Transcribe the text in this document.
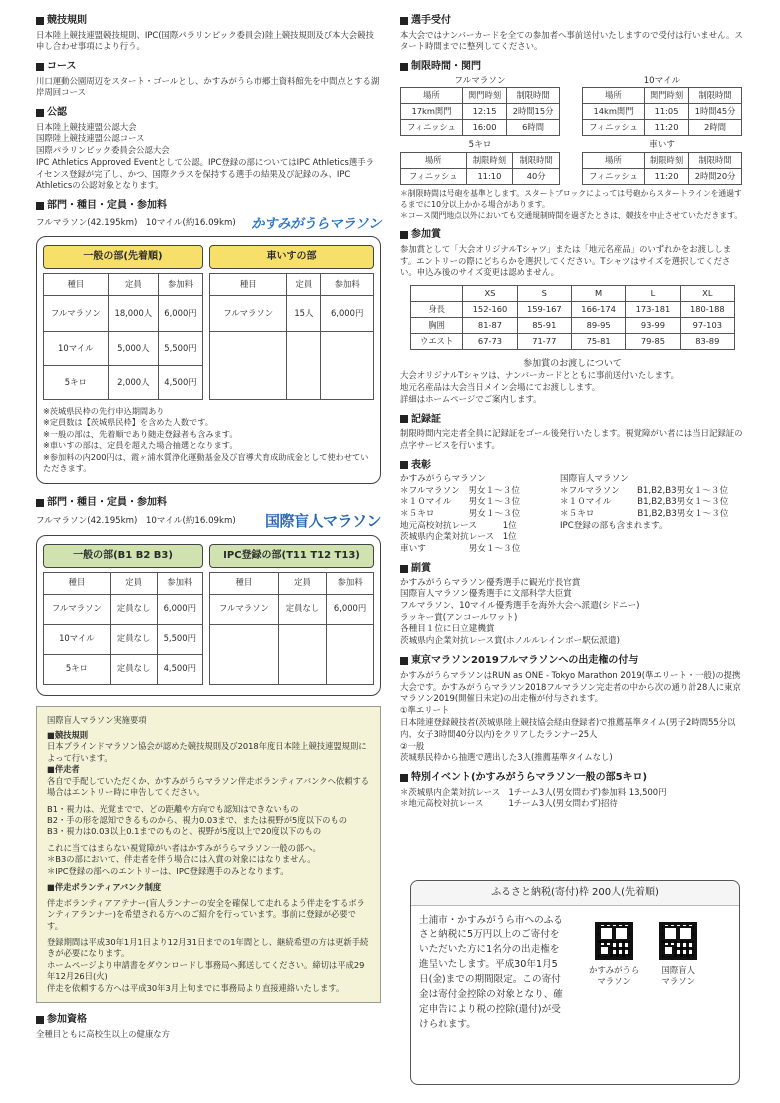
競技規則

日本陸上競技連盟競技規則、IPC(国際パラリンピック委員会)陸上競技規則及び本大会競技申し合わせ事項により行う。

コース

川口運動公園周辺をスタート・ゴールとし、かすみがうら市郷土資料館先を中間点とする湖岸周回コース

公認

日本陸上競技連盟公認大会

国際陸上競技連盟公認コース

国際パラリンピック委員会公認大会

IPC Athletics Approved Eventとして公認。IPC登録の部についてはIPC Athletics選手ライセンス登録が完了し、かつ、国際クラスを保持する選手の結果及び記録のみ、IPC Athleticsの公認対象となります。

部門・種目・定員・参加料
フルマラソン(42.195km)　10マイル(約16.09km) かすみがうらマラソン
一般の部(先着順)	車いすの部
種目	定員	参加料
フルマラソン	18,000人	6,000円
10マイル	5,000人	5,500円
5キロ	2,000人	4,500円
種目	定員	参加料
フルマラソン	15人	6,000円

※茨城県民枠の先行申込期間あり

※定員数は【茨城県民枠】を含めた人数です。

※一般の部は、先着順であり随走登録者も含みます。

※車いすの部は、定員を超えた場合抽選となります。

※参加料の内200円は、霞ヶ浦水質浄化運動基金及び盲導犬育成助成金として使わせていただきます。

部門・種目・定員・参加料
フルマラソン(42.195km)　10マイル(約16.09km) 国際盲人マラソン
一般の部(B1 B2 B3)	IPC登録の部(T11 T12 T13)
種目	定員	参加料
フルマラソン	定員なし	6,000円
10マイル	定員なし	5,500円
5キロ	定員なし	4,500円
種目	定員	参加料
フルマラソン	定員なし	6,000円

国際盲人マラソン実施要項

■競技規則

日本ブラインドマラソン協会が認めた競技規則及び2018年度日本陸上競技連盟規則によって行います。

■伴走者

各自で手配していただくか、かすみがうらマラソン伴走ボランティアバンクへ依頼する場合はエントリー時に申告してください。

B1・視力は、光覚までで、どの距離や方向でも認知はできないもの

B2・手の形を認知できるものから、視力0.03まで、または視野が5度以下のもの

B3・視力は0.03以上0.1までのものと、視野が5度以上で20度以下のもの

これに当てはまらない視覚障がい者はかすみがうらマラソン一般の部へ。

＊B3の部において、伴走者を伴う場合には入賞の対象にはなりません。

＊IPC登録の部へのエントリーは、IPC登録選手のみとなります。

■伴走ボランティアバンク制度

伴走ボランティアアテナー(盲人ランナーの安全を確保して走れるよう伴走をするボランティアランナー)を希望される方へのご紹介を行っています。事前に登録が必要です。

登録期間は平成30年1月1日より12月31日までの1年間とし、継続希望の方は更新手続きが必要になります。

ホームページより申請書をダウンロードし事務局へ郵送してください。締切は平成29年12月26日(火)

伴走を依頼する方へは平成30年3月上旬までに事務局より直接連絡いたします。

参加資格

全種目ともに高校生以上の健康な方

選手受付

本大会ではナンバーカードを全ての参加者へ事前送付いたしますので受付は行いません。スタート時間までに整列してください。

制限時間・関門
フルマラソン
場所	関門時刻	制限時間
17km関門	12:15	2時間15分
フィニッシュ	16:00	6時間
10マイル
場所	関門時刻	制限時間
14km関門	11:05	1時間45分
フィニッシュ	11:20	2時間
5キロ
場所	制限時刻	制限時間
フィニッシュ	11:10	40分
車いす
場所	制限時刻	制限時間
フィニッシュ	11:20	2時間20分

＊制限時間は号砲を基準とします。スタートブロックによっては号砲からスタートラインを通過するまでに10分以上かかる場合があります。

＊コース関門地点以外においても交通規制時間を過ぎたときは、競技を中止させていただきます。

参加賞

参加賞として「大会オリジナルTシャツ」または「地元名産品」のいずれかをお渡しします。エントリーの際にどちらかを選択してください。Tシャツはサイズを選択してください。申込み後のサイズ変更は認めません。

	XS	S	M	L	XL
身長	152-160	159-167	166-174	173-181	180-188
胸囲	81-87	85-91	89-95	93-99	97-103
ウエスト	67-73	71-77	75-81	79-85	83-89

参加賞のお渡しについて

大会オリジナルTシャツは、ナンバーカードとともに事前送付いたします。

地元名産品は大会当日メイン会場にてお渡しします。

詳細はホームページでご案内します。

記録証

制限時間内完走者全員に記録証をゴール後発行いたします。視覚障がい者には当日記録証の点字サービスを行います。

表彰

かすみがうらマラソン

＊フルマラソン　男女１～３位

＊１０マイル　　男女１～３位

＊５キロ　　　　男女１～３位

地元高校対抗レース　　　1位

茨城県内企業対抗レース　1位

車いす　　　　　男女１～３位

国際盲人マラソン

＊フルマラソン　　B1,B2,B3男女１～３位

＊１０マイル　　　B1,B2,B3男女１～３位

＊５キロ　　　　　B1,B2,B3男女１～３位

IPC登録の部も含まれます。

副賞

かすみがうらマラソン優秀選手に観光庁長官賞

国際盲人マラソン優秀選手に文部科学大臣賞

フルマラソン、10マイル優秀選手を海外大会へ派遣(シドニー)

ラッキー賞(アンコールワット)

各種目１位に日立建機賞

茨城県内企業対抗レース賞(ホノルルレインボー駅伝派遣)

東京マラソン2019フルマラソンへの出走権の付与

かすみがうらマラソンはRUN as ONE - Tokyo Marathon 2019(準エリート・一般)の提携大会です。かすみがうらマラソン2018フルマラソン完走者の中から次の通り計28人に東京マラソン2019(開催日未定)の出走権が付与されます。

①準エリート

日本陸連登録競技者(茨城県陸上競技協会経由登録者)で推薦基準タイム(男子2時間55分以内、女子3時間40分以内)をクリアしたランナー25人

②一般

茨城県民枠から抽選で選出した3人(推薦基準タイムなし)

特別イベント(かすみがうらマラソン一般の部5キロ)

＊茨城県内企業対抗レース　1チーム3人(男女問わず)参加料 13,500円

＊地元高校対抗レース　　　1チーム3人(男女問わず)招待

ふるさと納税(寄付)枠 200人(先着順)

土浦市・かすみがうら市へのふるさと納税に5万円以上のご寄付をいただいた方に1名分の出走権を進呈いたします。平成30年1月5日(金)までの期間限定。この寄付金は寄付金控除の対象となり、確定申告により税の控除(還付)が受けられます。

かすみがうら
マラソン

国際盲人
マラソン
